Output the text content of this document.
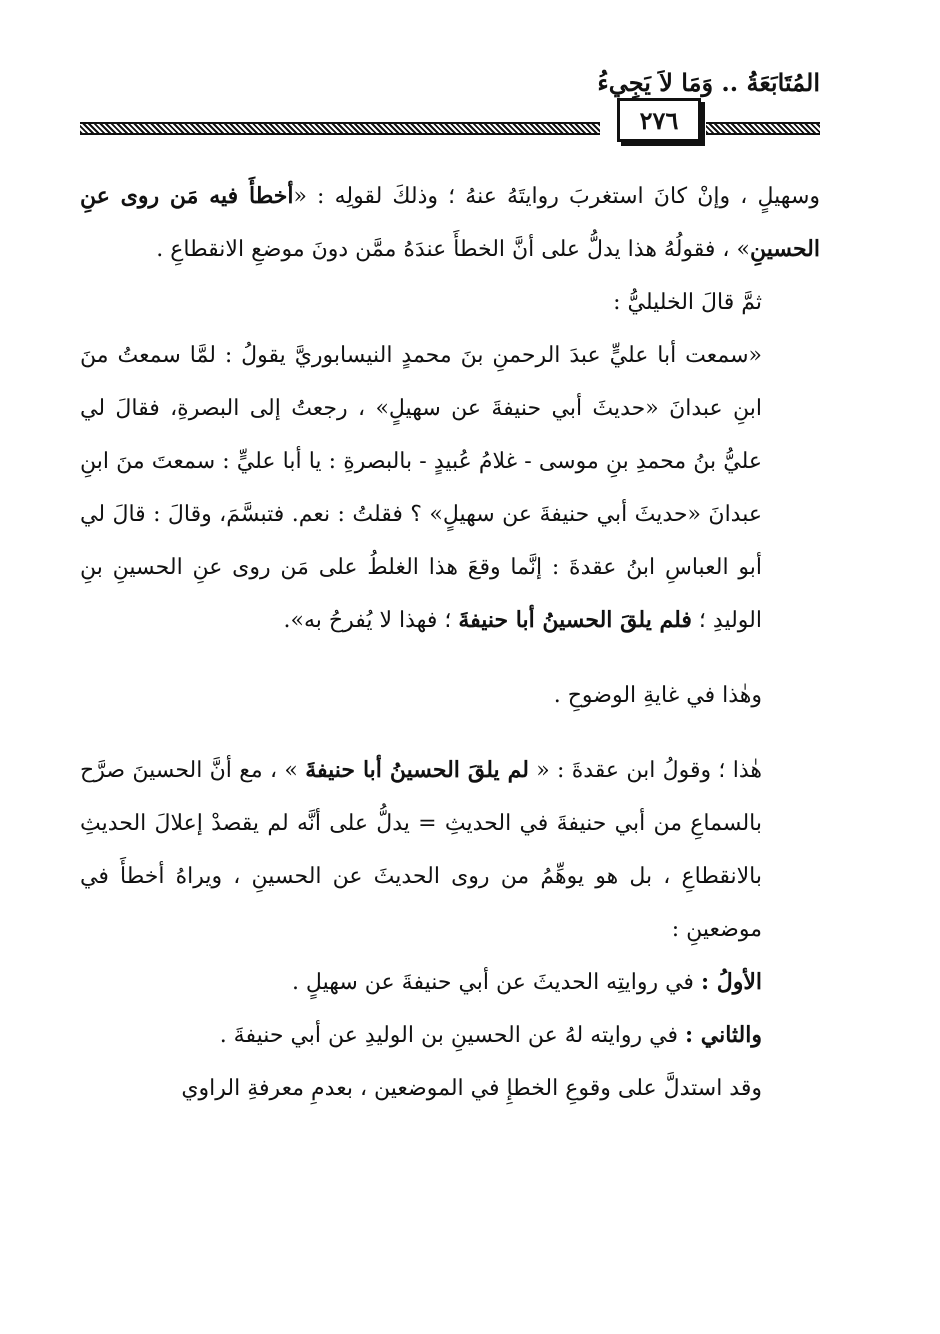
المُتَابَعَةُ .. وَمَا لاَ يَجِيءُ
٢٧٦

وسهيلٍ ، وإنْ كانَ استغربَ روايتَهُ عنهُ ؛ وذلكَ لقولِه : «أخطأَ فيه مَن روى عنِ الحسينِ» ، فقولُهُ هذا يدلُّ على أنَّ الخطأَ عندَهُ ممَّن دونَ موضعِ الانقطاعِ .

ثمَّ قالَ الخليليُّ :

«سمعت أبا عليٍّ عبدَ الرحمنِ بنَ محمدٍ النيسابوريَّ يقولُ : لمَّا سمعتُ منَ ابنِ عبدانَ «حديثَ أبي حنيفةَ عن سهيلٍ» ، رجعتُ إلى البصرةِ، فقالَ لي عليُّ بنُ محمدِ بنِ موسى - غلامُ عُبيدٍ - بالبصرةِ : يا أبا عليٍّ : سمعتَ منَ ابنِ عبدانَ «حديثَ أبي حنيفةَ عن سهيلٍ» ؟ فقلتُ : نعم. فتبسَّمَ، وقالَ : قالَ لي أبو العباسِ ابنُ عقدةَ : إنَّما وقعَ هذا الغلطُ على مَن روى عنِ الحسينِ بنِ الوليدِ ؛ فلم يلقَ الحسينُ أبا حنيفةَ ؛ فهذا لا يُفرحُ به».

وهٰذا في غايةِ الوضوحِ .

هٰذا ؛ وقولُ ابن عقدةَ : « لم يلقَ الحسينُ أبا حنيفةَ » ، مع أنَّ الحسينَ صرَّح بالسماعِ من أبي حنيفةَ في الحديثِ = يدلُّ على أنَّه لم يقصدْ إعلالَ الحديثِ بالانقطاعِ ، بل هو يوهِّمُ من روى الحديثَ عن الحسينِ ، ويراهُ أخطأَ في موضعينِ :

الأولُ : في روايتِه الحديثَ عن أبي حنيفةَ عن سهيلٍ .

والثاني : في روايته لهُ عن الحسينِ بن الوليدِ عن أبي حنيفةَ .

وقد استدلَّ على وقوعِ الخطإِ في الموضعين ، بعدمِ معرفةِ الراوي
